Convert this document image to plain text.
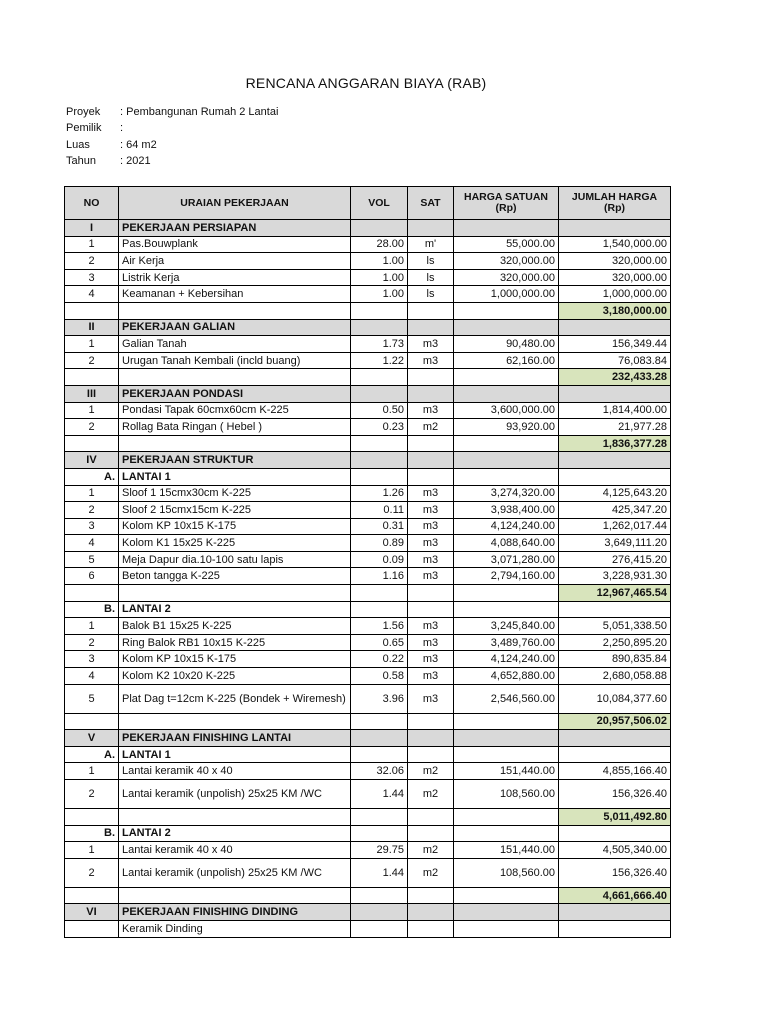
RENCANA ANGGARAN BIAYA (RAB)
Proyek	: Pembangunan Rumah 2 Lantai
Pemilik	:
Luas	: 64 m2
Tahun	: 2021
NO	URAIAN PEKERJAAN	VOL	SAT	HARGA SATUAN (Rp)	JUMLAH HARGA (Rp)
I	PEKERJAAN PERSIAPAN				
1	Pas.Bouwplank	28.00	m'	55,000.00	1,540,000.00
2	Air Kerja	1.00	ls	320,000.00	320,000.00
3	Listrik Kerja	1.00	ls	320,000.00	320,000.00
4	Keamanan + Kebersihan	1.00	ls	1,000,000.00	1,000,000.00
					3,180,000.00
II	PEKERJAAN GALIAN				
1	Galian Tanah	1.73	m3	90,480.00	156,349.44
2	Urugan Tanah Kembali (incld buang)	1.22	m3	62,160.00	76,083.84
					232,433.28
III	PEKERJAAN PONDASI				
1	Pondasi Tapak 60cmx60cm K-225	0.50	m3	3,600,000.00	1,814,400.00
2	Rollag Bata Ringan ( Hebel )	0.23	m2	93,920.00	21,977.28
					1,836,377.28
IV	PEKERJAAN STRUKTUR				
A.	LANTAI 1				
1	Sloof 1 15cmx30cm K-225	1.26	m3	3,274,320.00	4,125,643.20
2	Sloof 2 15cmx15cm K-225	0.11	m3	3,938,400.00	425,347.20
3	Kolom KP 10x15 K-175	0.31	m3	4,124,240.00	1,262,017.44
4	Kolom K1 15x25 K-225	0.89	m3	4,088,640.00	3,649,111.20
5	Meja Dapur dia.10-100 satu lapis	0.09	m3	3,071,280.00	276,415.20
6	Beton tangga K-225	1.16	m3	2,794,160.00	3,228,931.30
					12,967,465.54
B.	LANTAI 2				
1	Balok B1 15x25 K-225	1.56	m3	3,245,840.00	5,051,338.50
2	Ring Balok RB1 10x15 K-225	0.65	m3	3,489,760.00	2,250,895.20
3	Kolom KP 10x15 K-175	0.22	m3	4,124,240.00	890,835.84
4	Kolom K2 10x20 K-225	0.58	m3	4,652,880.00	2,680,058.88
5	Plat Dag t=12cm K-225 (Bondek + Wiremesh)	3.96	m3	2,546,560.00	10,084,377.60
					20,957,506.02
V	PEKERJAAN FINISHING LANTAI				
A.	LANTAI 1				
1	Lantai keramik 40 x 40	32.06	m2	151,440.00	4,855,166.40
2	Lantai keramik (unpolish) 25x25 KM /WC	1.44	m2	108,560.00	156,326.40
					5,011,492.80
B.	LANTAI 2				
1	Lantai keramik 40 x 40	29.75	m2	151,440.00	4,505,340.00
2	Lantai keramik (unpolish) 25x25 KM /WC	1.44	m2	108,560.00	156,326.40
					4,661,666.40
VI	PEKERJAAN FINISHING DINDING				
	Keramik Dinding				
